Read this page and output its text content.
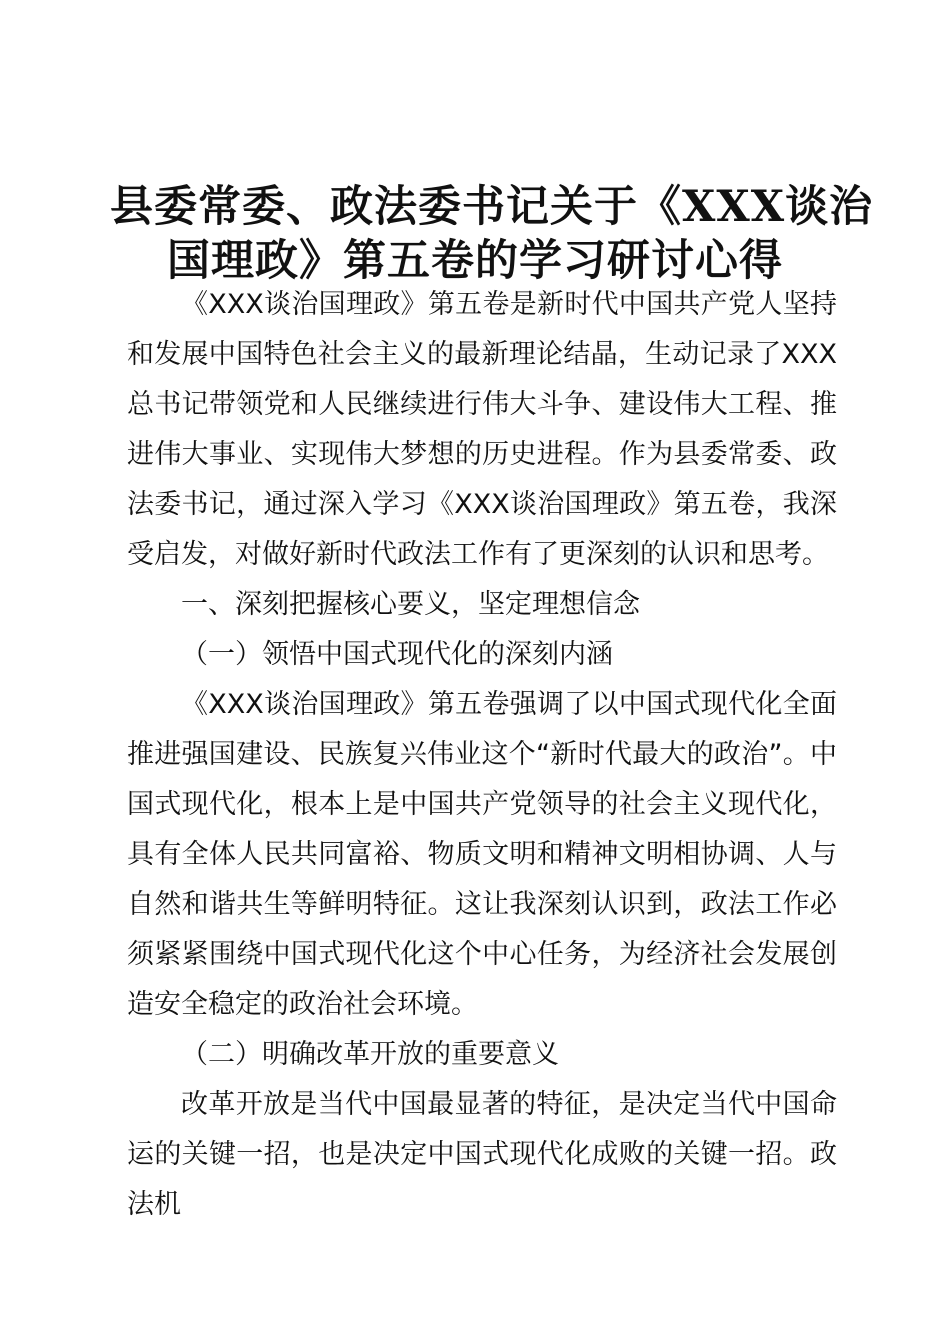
县委常委、政法委书记关于《XXX谈治
国理政》第五卷的学习研讨心得

《XXX谈治国理政》第五卷是新时代中国共产党人坚持和发展中国特色社会主义的最新理论结晶，生动记录了XXX总书记带领党和人民继续进行伟大斗争、建设伟大工程、推进伟大事业、实现伟大梦想的历史进程。作为县委常委、政法委书记，通过深入学习《XXX谈治国理政》第五卷，我深受启发，对做好新时代政法工作有了更深刻的认识和思考。

一、深刻把握核心要义，坚定理想信念

（一）领悟中国式现代化的深刻内涵

《XXX谈治国理政》第五卷强调了以中国式现代化全面推进强国建设、民族复兴伟业这个“新时代最大的政治”。中国式现代化，根本上是中国共产党领导的社会主义现代化，具有全体人民共同富裕、物质文明和精神文明相协调、人与自然和谐共生等鲜明特征。这让我深刻认识到，政法工作必须紧紧围绕中国式现代化这个中心任务，为经济社会发展创造安全稳定的政治社会环境。

（二）明确改革开放的重要意义

改革开放是当代中国最显著的特征，是决定当代中国命运的关键一招，也是决定中国式现代化成败的关键一招。政法机
